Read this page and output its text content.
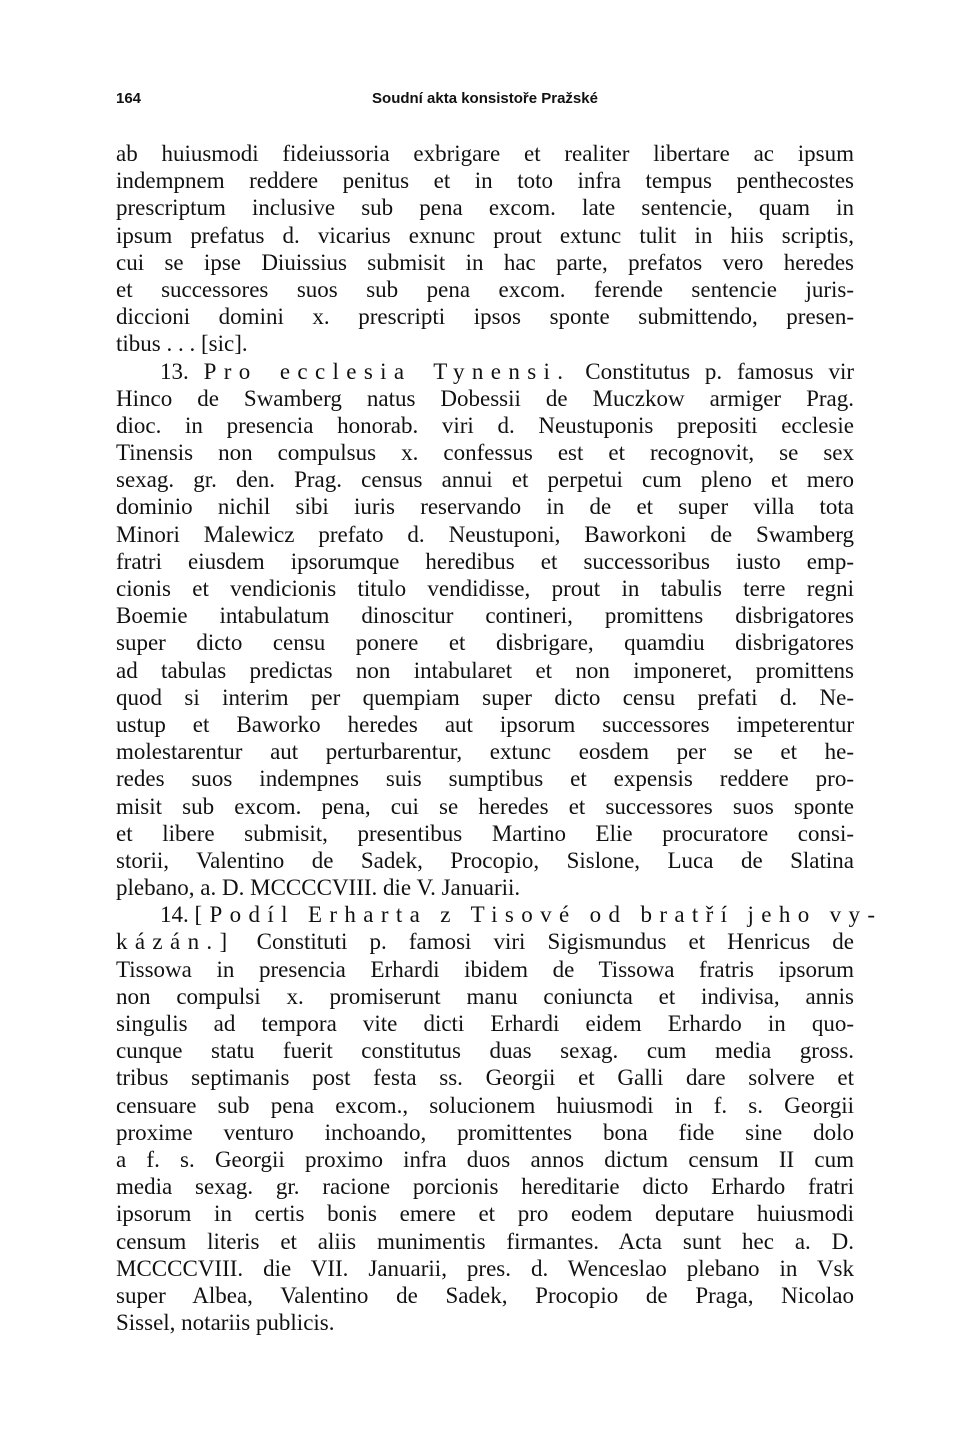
164	Soudní akta konsistoře Pražské
ab huiusmodi fideiussoria exbrigare et realiter libertare ac ipsum
indempnem reddere penitus et in toto infra tempus penthecostes
prescriptum inclusive sub pena excom. late sentencie, quam in
ipsum prefatus d. vicarius exnunc prout extunc tulit in hiis scriptis,
cui se ipse Diuissius submisit in hac parte, prefatos vero heredes
et successores suos sub pena excom. ferende sentencie juris-
diccioni domini x. prescripti ipsos sponte submittendo, presen-
tibus . . . [sic].
13. Pro ecclesia Tynensi. Constitutus p. famosus vir
Hinco de Swamberg natus Dobessii de Muczkow armiger Prag.
dioc. in presencia honorab. viri d. Neustuponis prepositi ecclesie
Tinensis non compulsus x. confessus est et recognovit, se sex
sexag. gr. den. Prag. census annui et perpetui cum pleno et mero
dominio nichil sibi iuris reservando in de et super villa tota
Minori Malewicz prefato d. Neustuponi, Baworkoni de Swamberg
fratri eiusdem ipsorumque heredibus et successoribus iusto emp-
cionis et vendicionis titulo vendidisse, prout in tabulis terre regni
Boemie intabulatum dinoscitur contineri, promittens disbrigatores
super dicto censu ponere et disbrigare, quamdiu disbrigatores
ad tabulas predictas non intabularet et non imponeret, promittens
quod si interim per quempiam super dicto censu prefati d. Ne-
ustup et Baworko heredes aut ipsorum successores impeterentur
molestarentur aut perturbarentur, extunc eosdem per se et he-
redes suos indempnes suis sumptibus et expensis reddere pro-
misit sub excom. pena, cui se heredes et successores suos sponte
et libere submisit, presentibus Martino Elie procuratore consi-
storii, Valentino de Sadek, Procopio, Sislone, Luca de Slatina
plebano, a. D. MCCCCVIII. die V. Januarii.
14. [Podíl Erharta z Tisové od bratří jeho vy-
kázán.] Constituti p. famosi viri Sigismundus et Henricus de
Tissowa in presencia Erhardi ibidem de Tissowa fratris ipsorum
non compulsi x. promiserunt manu coniuncta et indivisa, annis
singulis ad tempora vite dicti Erhardi eidem Erhardo in quo-
cunque statu fuerit constitutus duas sexag. cum media gross.
tribus septimanis post festa ss. Georgii et Galli dare solvere et
censuare sub pena excom., solucionem huiusmodi in f. s. Georgii
proxime venturo inchoando, promittentes bona fide sine dolo
a f. s. Georgii proximo infra duos annos dictum censum II cum
media sexag. gr. racione porcionis hereditarie dicto Erhardo fratri
ipsorum in certis bonis emere et pro eodem deputare huiusmodi
censum literis et aliis munimentis firmantes. Acta sunt hec a. D.
MCCCCVIII. die VII. Januarii, pres. d. Wenceslao plebano in Vsk
super Albea, Valentino de Sadek, Procopio de Praga, Nicolao
Sissel, notariis publicis.
